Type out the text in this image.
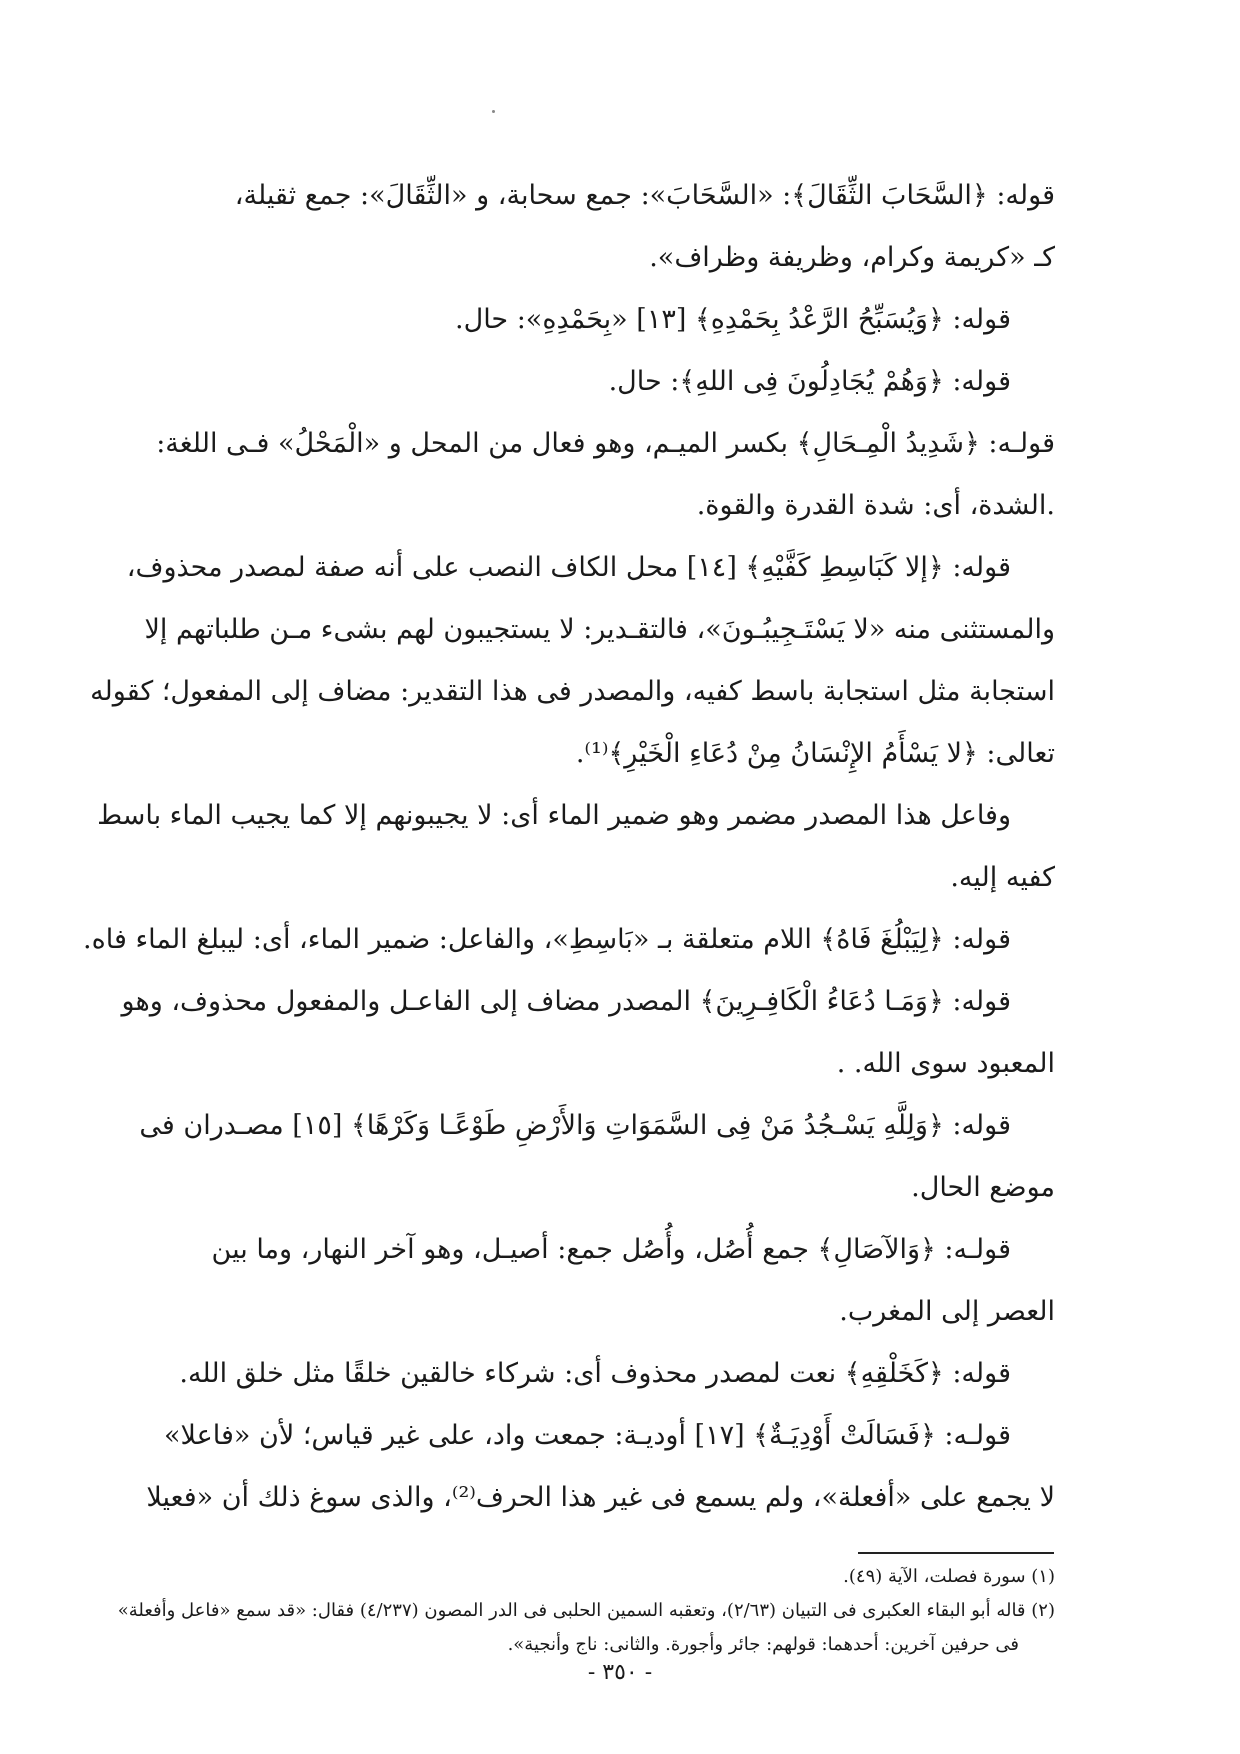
قوله: ﴿السَّحَابَ الثِّقَالَ﴾: «السَّحَابَ»: جمع سحابة، و «الثِّقَالَ»: جمع ثقيلة،
كـ «كريمة وكرام، وظريفة وظراف».
قوله: ﴿وَيُسَبِّحُ الرَّعْدُ بِحَمْدِهِ﴾ [١٣] «بِحَمْدِهِ»: حال.
قوله: ﴿وَهُمْ يُجَادِلُونَ فِى اللهِ﴾: حال.
قولـه: ﴿شَدِيدُ الْمِـحَالِ﴾ بكسر الميـم، وهو فعال من المحل و «الْمَحْلُ» فـى اللغة:
.الشدة، أى: شدة القدرة والقوة.
قوله: ﴿إلا كَبَاسِطِ كَفَّيْهِ﴾ [١٤] محل الكاف النصب على أنه صفة لمصدر محذوف،
والمستثنى منه «لا يَسْتَـجِيبُـونَ»، فالتقـدير: لا يستجيبون لهم بشىء مـن طلباتهم إلا
استجابة مثل استجابة باسط كفيه، والمصدر فى هذا التقدير: مضاف إلى المفعول؛ كقوله
تعالى: ﴿لا يَسْأَمُ الإِنْسَانُ مِنْ دُعَاءِ الْخَيْرِ﴾⁽¹⁾.
وفاعل هذا المصدر مضمر وهو ضمير الماء أى: لا يجيبونهم إلا كما يجيب الماء باسط
كفيه إليه.
قوله: ﴿لِيَبْلُغَ فَاهُ﴾ اللام متعلقة بـ «بَاسِطِ»، والفاعل: ضمير الماء، أى: ليبلغ الماء فاه.
قوله: ﴿وَمَـا دُعَاءُ الْكَافِـرِينَ﴾ المصدر مضاف إلى الفاعـل والمفعول محذوف، وهو
المعبود سوى الله. .
قوله: ﴿وَلِلَّهِ يَسْـجُدُ مَنْ فِى السَّمَوَاتِ وَالأَرْضِ طَوْعًـا وَكَرْهًا﴾ [١٥] مصـدران فى
موضع الحال.
قولـه: ﴿وَالآصَالِ﴾ جمع أُصُل، وأُصُل جمع: أصيـل، وهو آخر النهار، وما بين
العصر إلى المغرب.
قوله: ﴿كَخَلْقِهِ﴾ نعت لمصدر محذوف أى: شركاء خالقين خلقًا مثل خلق الله.
قولـه: ﴿فَسَالَتْ أَوْدِيَـةٌ﴾ [١٧] أوديـة: جمعت واد، على غير قياس؛ لأن «فاعلا»
لا يجمع على «أفعلة»، ولم يسمع فى غير هذا الحرف⁽²⁾، والذى سوغ ذلك أن «فعيلا
(١) سورة فصلت، الآية (٤٩).
(٢) قاله أبو البقاء العكبرى فى التبيان (٢/٦٣)، وتعقبه السمين الحلبى فى الدر المصون (٤/٢٣٧) فقال: «قد سمع «فاعل وأفعلة»
فى حرفين آخرين: أحدهما: قولهم: جائر وأجورة. والثانى: ناج وأنجية».
- ٣٥٠ -
